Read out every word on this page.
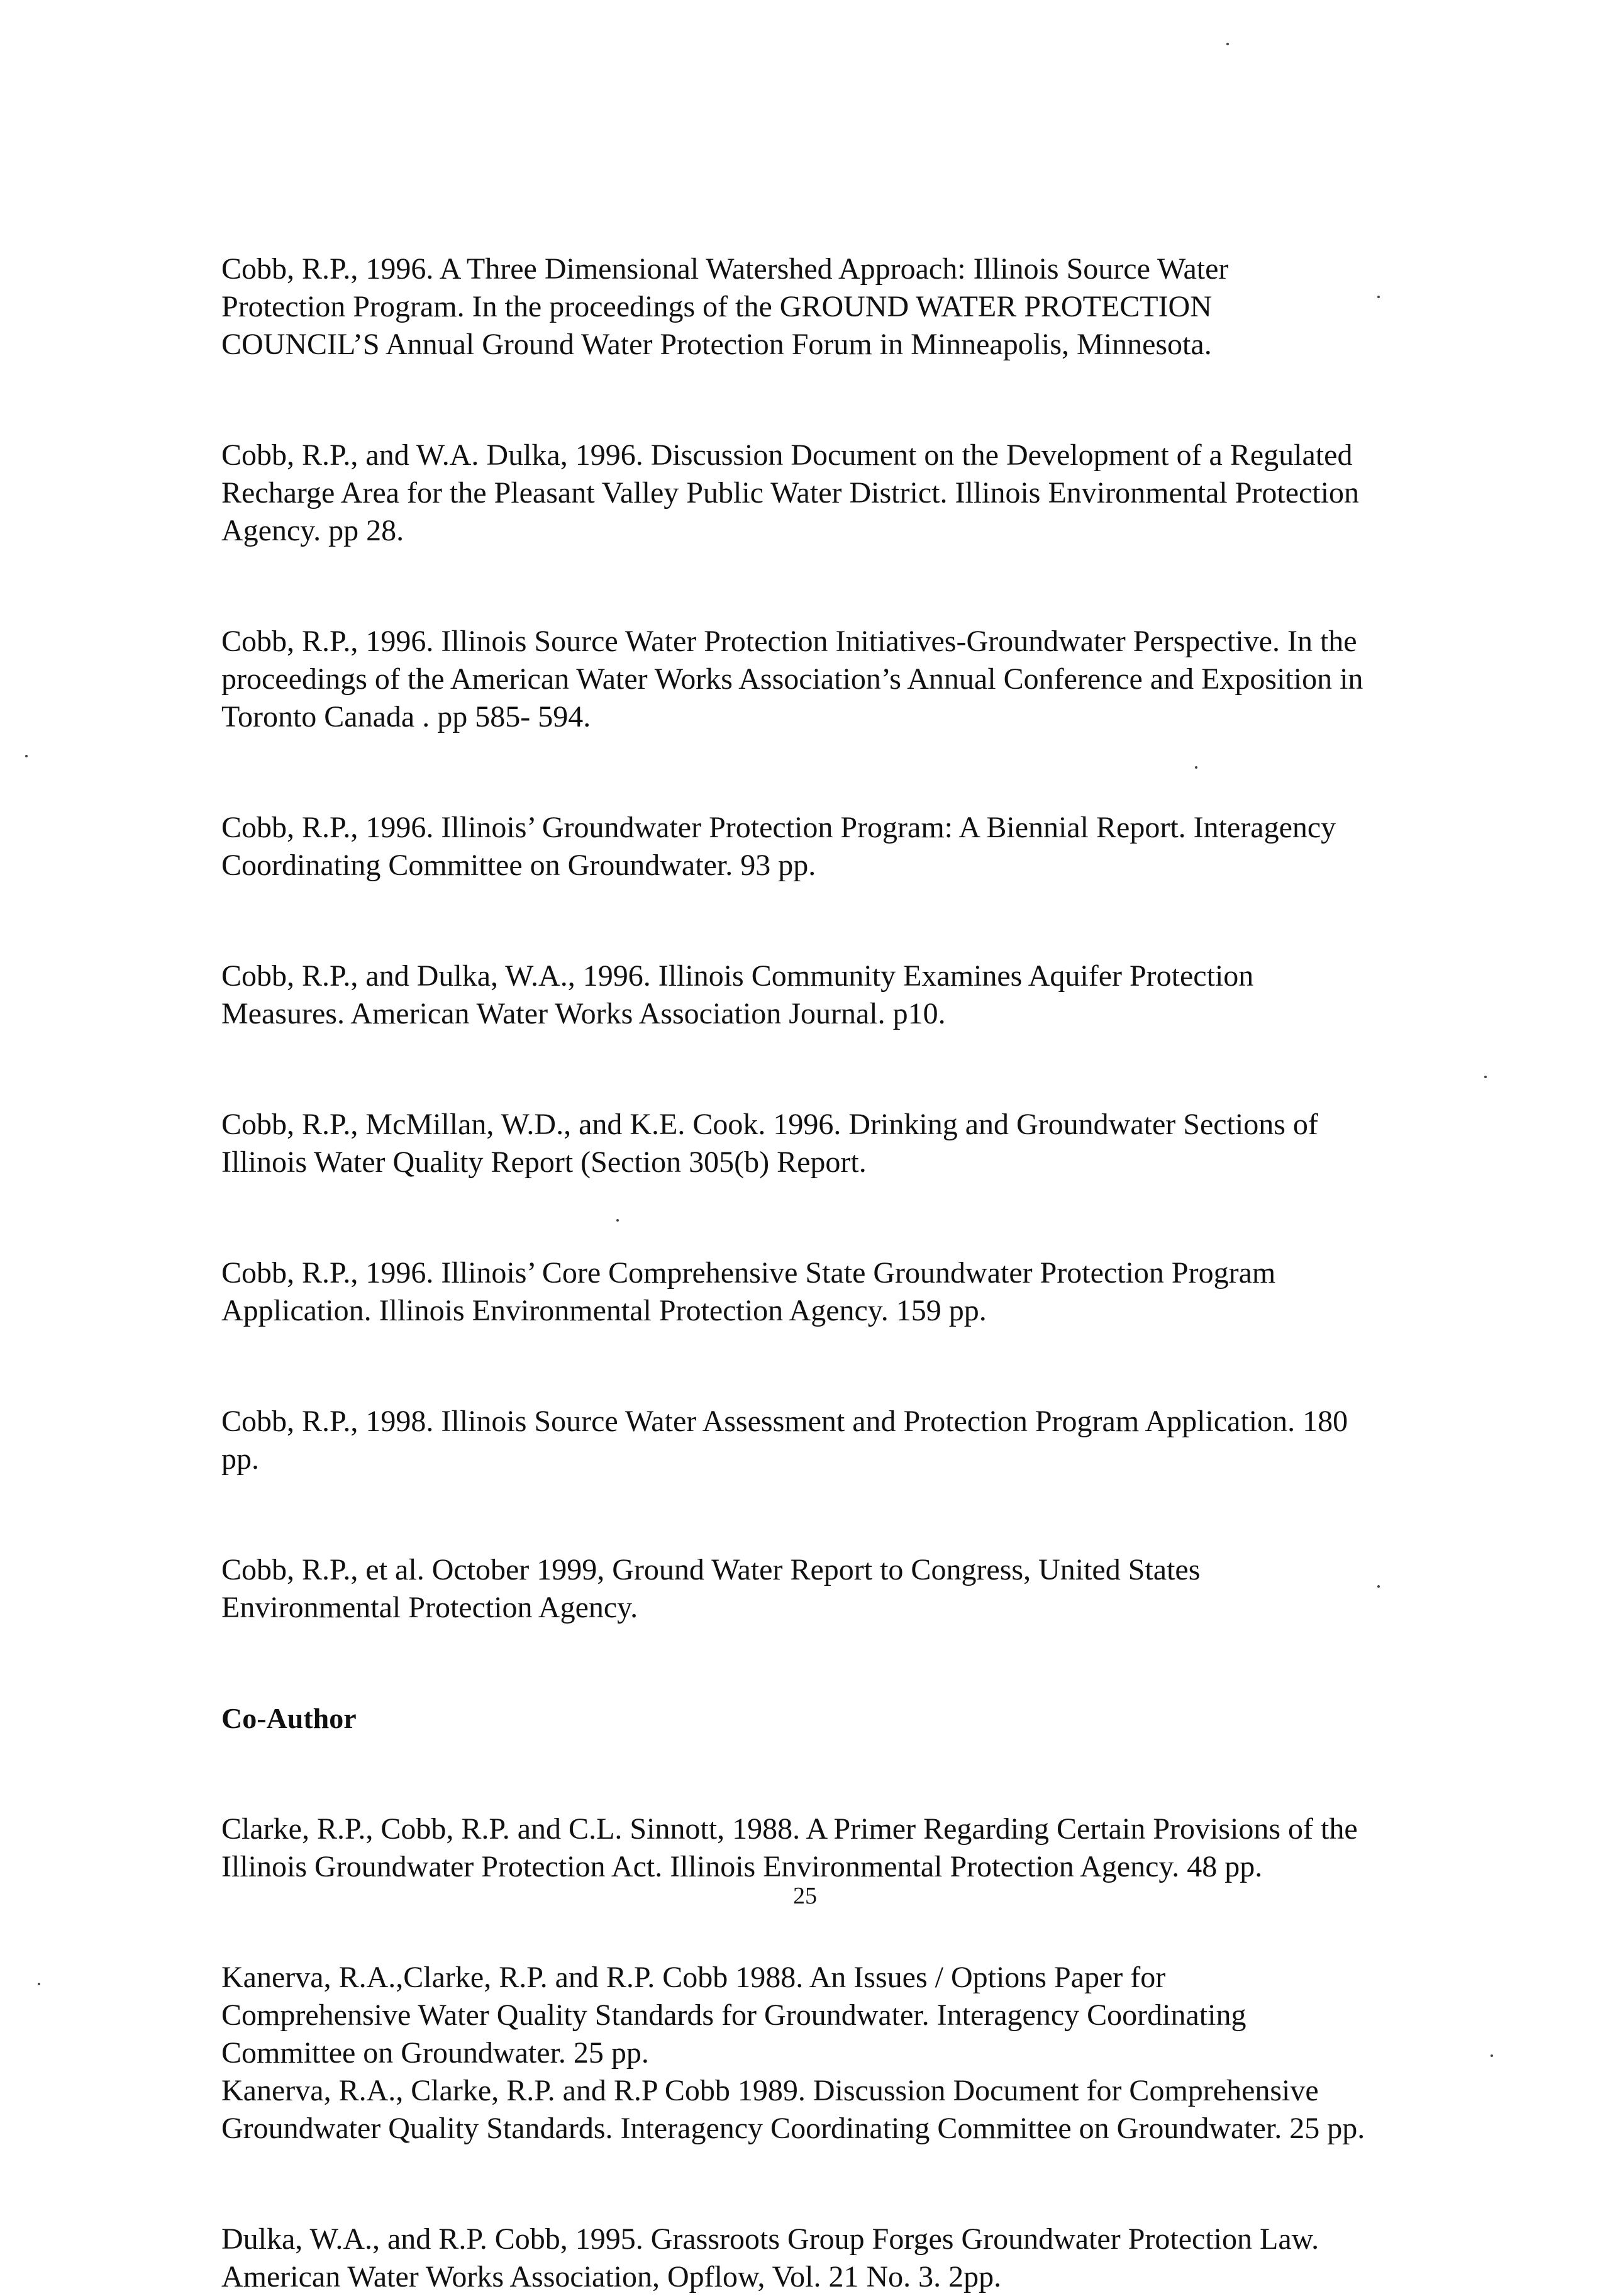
Cobb, R.P., 1996. A Three Dimensional Watershed Approach: Illinois Source Water
Protection Program. In the proceedings of the GROUND WATER PROTECTION
COUNCIL’S Annual Ground Water Protection Forum in Minneapolis, Minnesota.
Cobb, R.P., and W.A. Dulka, 1996. Discussion Document on the Development of a Regulated
Recharge Area for the Pleasant Valley Public Water District. Illinois Environmental Protection
Agency. pp 28.
Cobb, R.P., 1996. Illinois Source Water Protection Initiatives-Groundwater Perspective. In the
proceedings of the American Water Works Association’s Annual Conference and Exposition in
Toronto Canada . pp 585- 594.
Cobb, R.P., 1996. Illinois’ Groundwater Protection Program: A Biennial Report. Interagency
Coordinating Committee on Groundwater. 93 pp.
Cobb, R.P., and Dulka, W.A., 1996. Illinois Community Examines Aquifer Protection
Measures. American Water Works Association Journal. p10.
Cobb, R.P., McMillan, W.D., and K.E. Cook. 1996. Drinking and Groundwater Sections of
Illinois Water Quality Report (Section 305(b) Report.
Cobb, R.P., 1996. Illinois’ Core Comprehensive State Groundwater Protection Program
Application. Illinois Environmental Protection Agency. 159 pp.
Cobb, R.P., 1998. Illinois Source Water Assessment and Protection Program Application. 180
pp.
Cobb, R.P., et al. October 1999, Ground Water Report to Congress, United States
Environmental Protection Agency.
Co-Author
Clarke, R.P., Cobb, R.P. and C.L. Sinnott, 1988. A Primer Regarding Certain Provisions of the
Illinois Groundwater Protection Act. Illinois Environmental Protection Agency. 48 pp.
Kanerva, R.A.,Clarke, R.P. and R.P. Cobb 1988. An Issues / Options Paper for
Comprehensive Water Quality Standards for Groundwater. Interagency Coordinating
Committee on Groundwater. 25 pp.
Kanerva, R.A., Clarke, R.P. and R.P Cobb 1989. Discussion Document for Comprehensive
Groundwater Quality Standards. Interagency Coordinating Committee on Groundwater. 25 pp.
Dulka, W.A., and R.P. Cobb, 1995. Grassroots Group Forges Groundwater Protection Law.
American Water Works Association, Opflow, Vol. 21 No. 3. 2pp.
25
